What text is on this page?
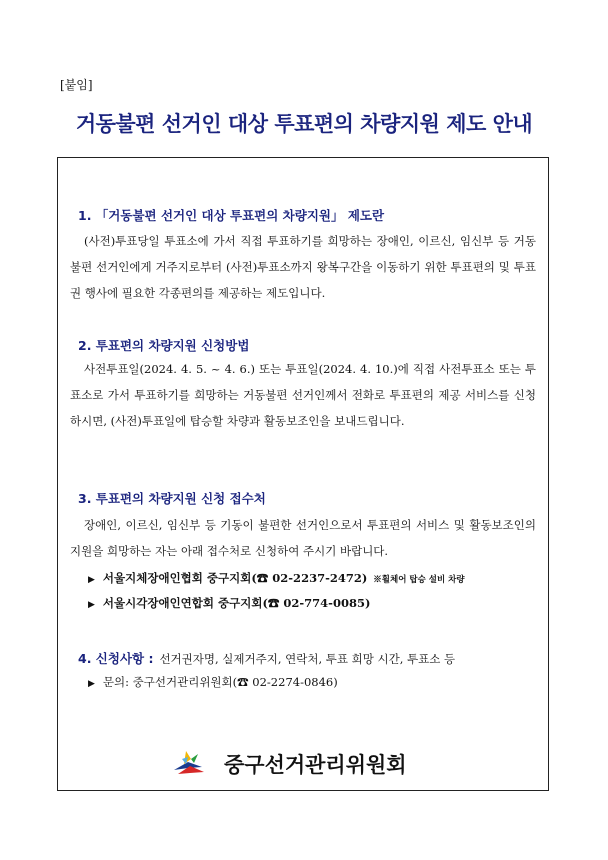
[붙임]
거동불편 선거인 대상 투표편의 차량지원 제도 안내
1. 「거동불편 선거인 대상 투표편의 차량지원」 제도란

(사전)투표당일 투표소에 가서 직접 투표하기를 희망하는 장애인, 이르신, 임신부 등 거동불편 선거인에게 거주지로부터 (사전)투표소까지 왕복구간을 이동하기 위한 투표편의 및 투표권 행사에 필요한 각종편의를 제공하는 제도입니다.

2. 투표편의 차량지원 신청방법

사전투표일(2024. 4. 5. ~ 4. 6.) 또는 투표일(2024. 4. 10.)에 직접 사전투표소 또는 투표소로 가서 투표하기를 희망하는 거동불편 선거인께서 전화로 투표편의 제공 서비스를 신청하시면, (사전)투표일에 탑승할 차량과 활동보조인을 보내드립니다.

3. 투표편의 차량지원 신청 접수처

장애인, 이르신, 임신부 등 기동이 불편한 선거인으로서 투표편의 서비스 및 활동보조인의 지원을 희망하는 자는 아래 접수처로 신청하여 주시기 바랍니다.

▶ 서울지체장애인협회 중구지회(☎ 02-2237-2472) ※휠체어 탑승 설비 차량
▶ 서울시각장애인연합회 중구지회(☎ 02-774-0085)
4. 신청사항 : 선거권자명, 실제거주지, 연락처, 투표 희망 시간, 투표소 등
▶ 문의: 중구선거관리위원회(☎ 02-2274-0846)
중구선거관리위원회
